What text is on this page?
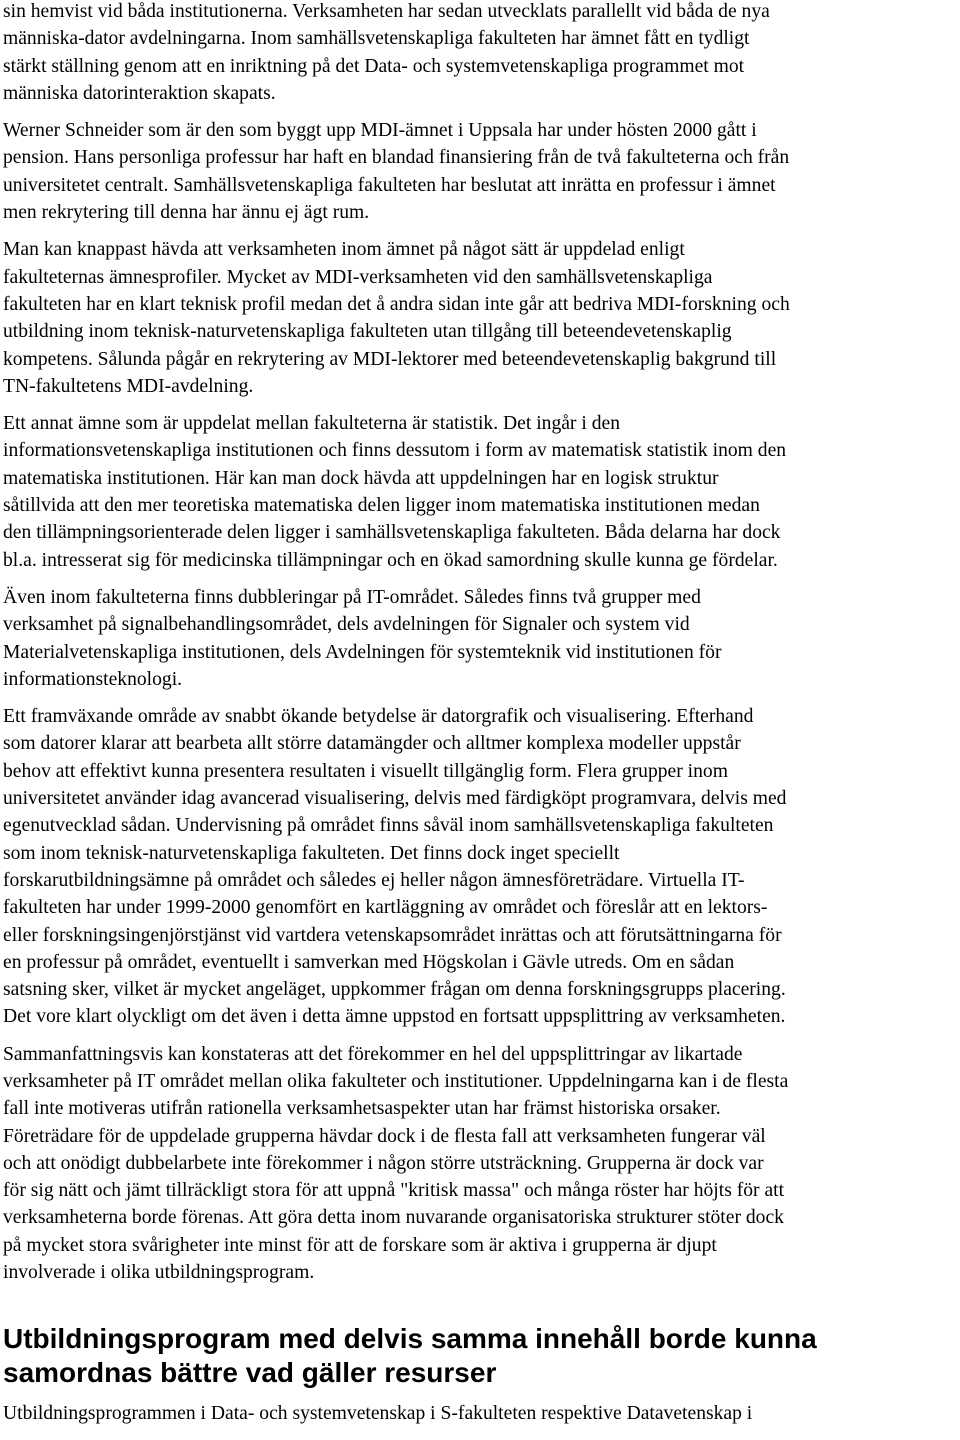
sin hemvist vid båda institutionerna. Verksamheten har sedan utvecklats parallellt vid båda de nya
människa-dator avdelningarna. Inom samhällsvetenskapliga fakulteten har ämnet fått en tydligt
stärkt ställning genom att en inriktning på det Data- och systemvetenskapliga programmet mot
människa datorinteraktion skapats.

Werner Schneider som är den som byggt upp MDI-ämnet i Uppsala har under hösten 2000 gått i
pension. Hans personliga professur har haft en blandad finansiering från de två fakulteterna och från
universitetet centralt. Samhällsvetenskapliga fakulteten har beslutat att inrätta en professur i ämnet
men rekrytering till denna har ännu ej ägt rum.

Man kan knappast hävda att verksamheten inom ämnet på något sätt är uppdelad enligt
fakulteternas ämnesprofiler. Mycket av MDI-verksamheten vid den samhällsvetenskapliga
fakulteten har en klart teknisk profil medan det å andra sidan inte går att bedriva MDI-forskning och
utbildning inom teknisk-naturvetenskapliga fakulteten utan tillgång till beteendevetenskaplig
kompetens. Sålunda pågår en rekrytering av MDI-lektorer med beteendevetenskaplig bakgrund till
TN-fakultetens MDI-avdelning.

Ett annat ämne som är uppdelat mellan fakulteterna är statistik. Det ingår i den
informationsvetenskapliga institutionen och finns dessutom i form av matematisk statistik inom den
matematiska institutionen. Här kan man dock hävda att uppdelningen har en logisk struktur
såtillvida att den mer teoretiska matematiska delen ligger inom matematiska institutionen medan
den tillämpningsorienterade delen ligger i samhällsvetenskapliga fakulteten. Båda delarna har dock
bl.a. intresserat sig för medicinska tillämpningar och en ökad samordning skulle kunna ge fördelar.

Även inom fakulteterna finns dubbleringar på IT-området. Således finns två grupper med
verksamhet på signalbehandlingsområdet, dels avdelningen för Signaler och system vid
Materialvetenskapliga institutionen, dels Avdelningen för systemteknik vid institutionen för
informationsteknologi.

Ett framväxande område av snabbt ökande betydelse är datorgrafik och visualisering. Efterhand
som datorer klarar att bearbeta allt större datamängder och alltmer komplexa modeller uppstår
behov att effektivt kunna presentera resultaten i visuellt tillgänglig form. Flera grupper inom
universitetet använder idag avancerad visualisering, delvis med färdigköpt programvara, delvis med
egenutvecklad sådan. Undervisning på området finns såväl inom samhällsvetenskapliga fakulteten
som inom teknisk-naturvetenskapliga fakulteten. Det finns dock inget speciellt
forskarutbildningsämne på området och således ej heller någon ämnesföreträdare. Virtuella IT-
fakulteten har under 1999-2000 genomfört en kartläggning av området och föreslår att en lektors-
eller forskningsingenjörstjänst vid vartdera vetenskapsområdet inrättas och att förutsättningarna för
en professur på området, eventuellt i samverkan med Högskolan i Gävle utreds. Om en sådan
satsning sker, vilket är mycket angeläget, uppkommer frågan om denna forskningsgrupps placering.
Det vore klart olyckligt om det även i detta ämne uppstod en fortsatt uppsplittring av verksamheten.

Sammanfattningsvis kan konstateras att det förekommer en hel del uppsplittringar av likartade
verksamheter på IT området mellan olika fakulteter och institutioner. Uppdelningarna kan i de flesta
fall inte motiveras utifrån rationella verksamhetsaspekter utan har främst historiska orsaker.
Företrädare för de uppdelade grupperna hävdar dock i de flesta fall att verksamheten fungerar väl
och att onödigt dubbelarbete inte förekommer i någon större utsträckning. Grupperna är dock var
för sig nätt och jämt tillräckligt stora för att uppnå "kritisk massa" och många röster har höjts för att
verksamheterna borde förenas. Att göra detta inom nuvarande organisatoriska strukturer stöter dock
på mycket stora svårigheter inte minst för att de forskare som är aktiva i grupperna är djupt
involverade i olika utbildningsprogram.

Utbildningsprogram med delvis samma innehåll borde kunna
samordnas bättre vad gäller resurser

Utbildningsprogrammen i Data- och systemvetenskap i S-fakulteten respektive Datavetenskap i
